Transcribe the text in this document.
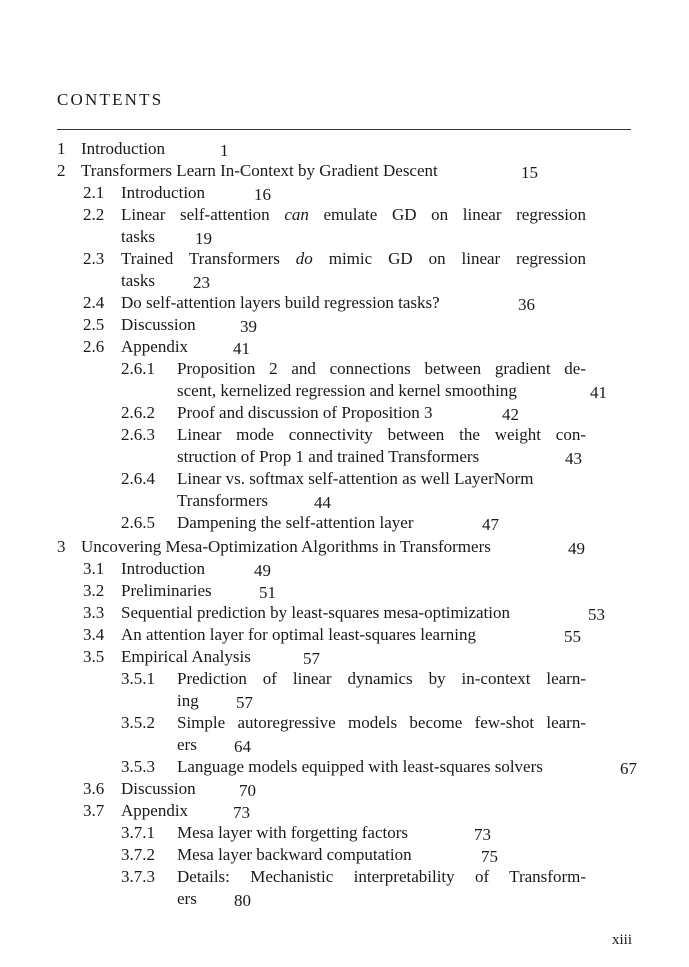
CONTENTS
1 Introduction	1
2 Transformers Learn In-Context by Gradient Descent	15
2.1 Introduction	16
2.2 Linear self-attention can emulate GD on linear regression
tasks 19
2.3 Trained Transformers do mimic GD on linear regression
tasks 23
2.4 Do self-attention layers build regression tasks?	36
2.5 Discussion	39
2.6 Appendix	41
2.6.1 Proposition 2 and connections between gradient de-
scent, kernelized regression and kernel smoothing	41
2.6.2 Proof and discussion of Proposition 3	42
2.6.3 Linear mode connectivity between the weight con-
struction of Prop 1 and trained Transformers	43
2.6.4 Linear vs. softmax self-attention as well LayerNorm
Transformers	44
2.6.5 Dampening the self-attention layer	47
3 Uncovering Mesa-Optimization Algorithms in Transformers	49
3.1 Introduction	49
3.2 Preliminaries	51
3.3 Sequential prediction by least-squares mesa-optimization	53
3.4 An attention layer for optimal least-squares learning	55
3.5 Empirical Analysis	57
3.5.1 Prediction of linear dynamics by in-context learn-
ing 57
3.5.2 Simple autoregressive models become few-shot learn-
ers 64
3.5.3 Language models equipped with least-squares solvers	67
3.6 Discussion	70
3.7 Appendix	73
3.7.1 Mesa layer with forgetting factors	73
3.7.2 Mesa layer backward computation	75
3.7.3 Details: Mechanistic interpretability of Transform-
ers 80
xiii
